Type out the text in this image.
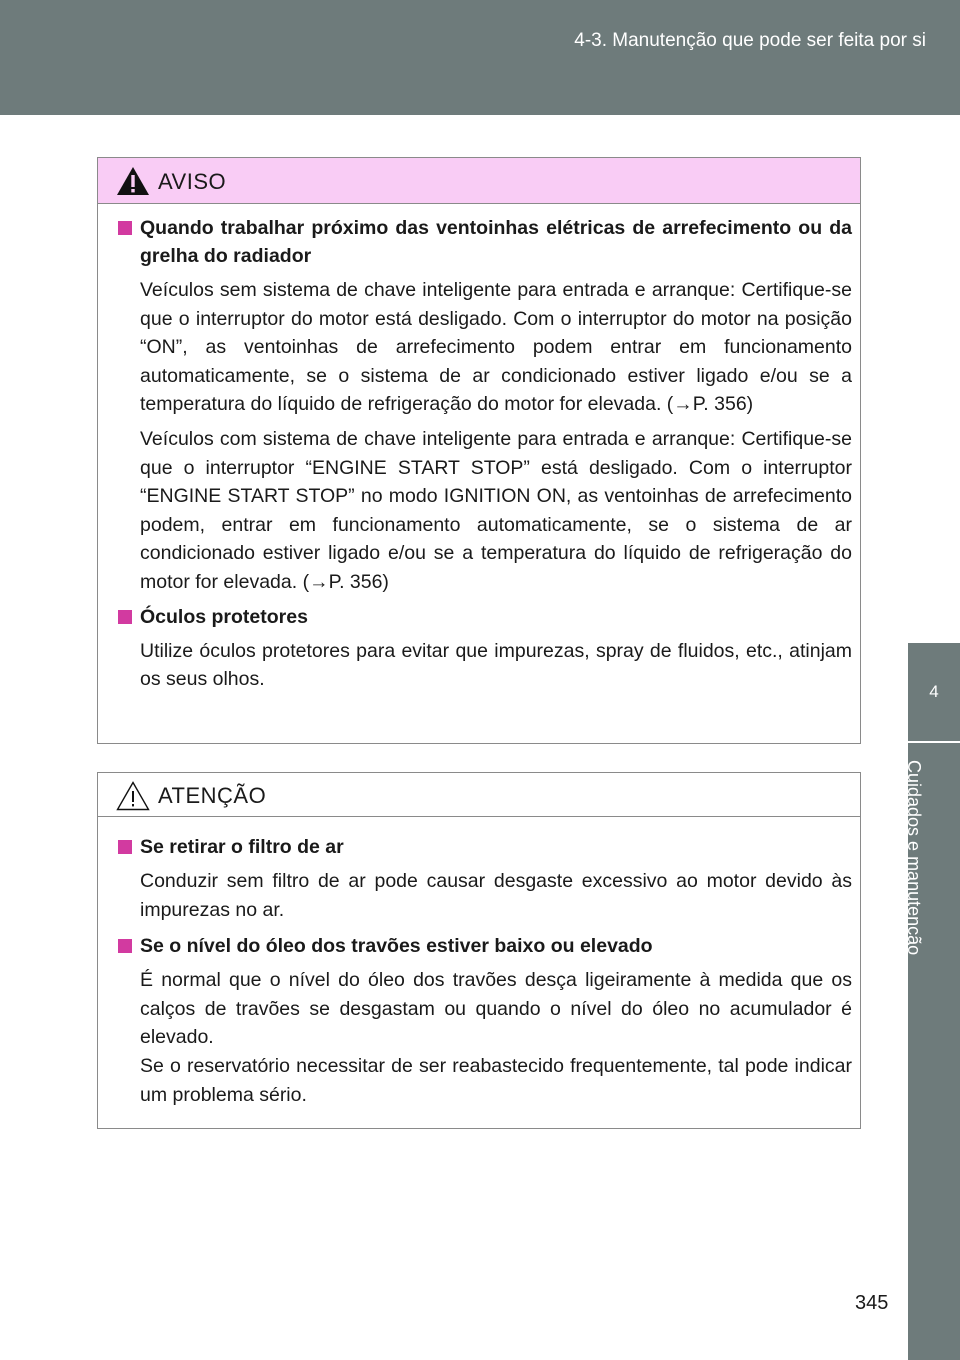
4-3. Manutenção que pode ser feita por si
4
Cuidados e manutenção
AVISO
Quando trabalhar próximo das ventoinhas elétricas de arrefecimento ou da grelha do radiador
Veículos sem sistema de chave inteligente para entrada e arranque: Certifique-se que o interruptor do motor está desligado. Com o interruptor do motor na posição “ON”, as ventoinhas de arrefecimento podem entrar em funcionamento automaticamente, se o sistema de ar condicionado estiver ligado e/ou se a temperatura do líquido de refrigeração do motor for elevada. (→P. 356)
Veículos com sistema de chave inteligente para entrada e arranque: Certifique-se que o interruptor “ENGINE START STOP” está desligado. Com o interruptor “ENGINE START STOP” no modo IGNITION ON, as ventoinhas de arrefecimento podem, entrar em funcionamento automaticamente, se o sistema de ar condicionado estiver ligado e/ou se a temperatura do líquido de refrigeração do motor for elevada. (→P. 356)
Óculos protetores
Utilize óculos protetores para evitar que impurezas, spray de fluidos, etc., atinjam os seus olhos.
ATENÇÃO
Se retirar o filtro de ar
Conduzir sem filtro de ar pode causar desgaste excessivo ao motor devido às impurezas no ar.
Se o nível do óleo dos travões estiver baixo ou elevado
É normal que o nível do óleo dos travões desça ligeiramente à medida que os calços de travões se desgastam ou quando o nível do óleo no acumulador é elevado.
Se o reservatório necessitar de ser reabastecido frequentemente, tal pode indicar um problema sério.
345
